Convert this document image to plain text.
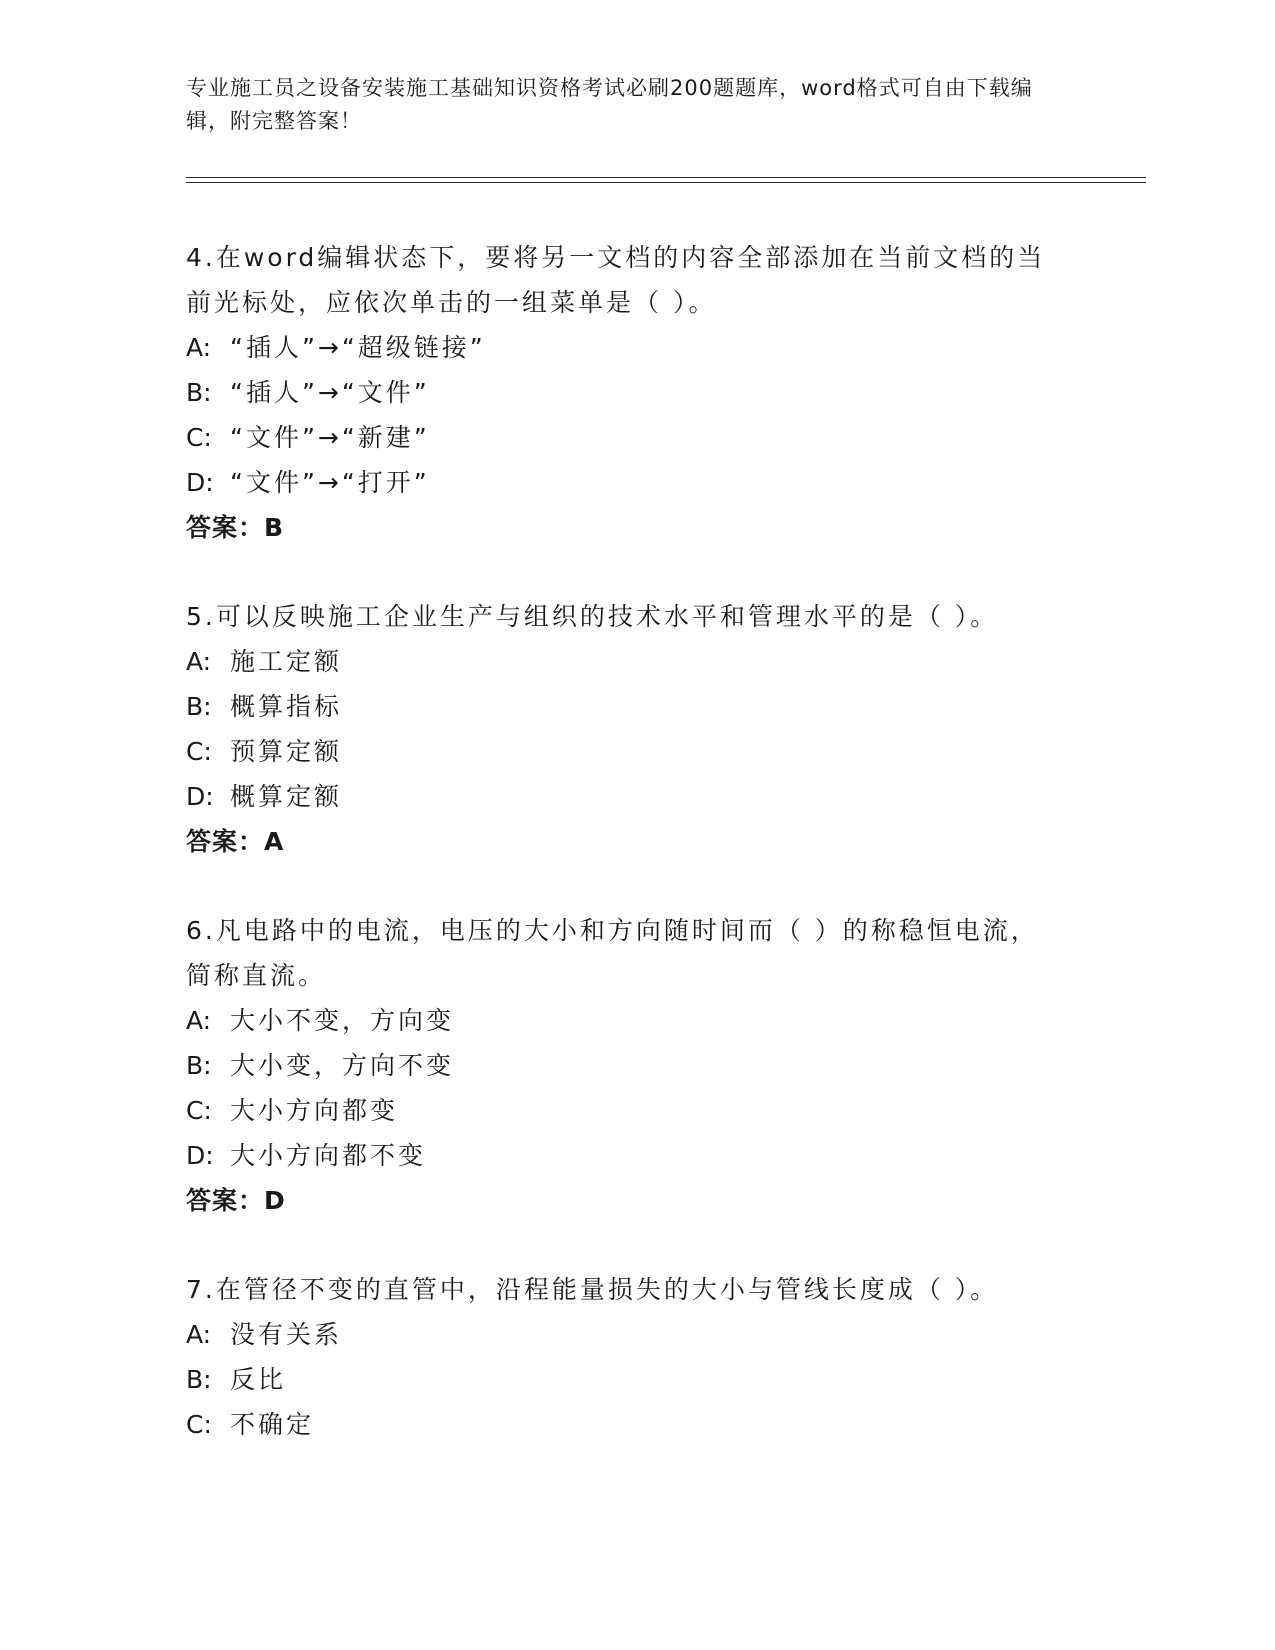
专业施工员之设备安装施工基础知识资格考试必刷200题题库，word格式可自由下载编辑，附完整答案！
4.在word编辑状态下，要将另一文档的内容全部添加在当前文档的当前光标处，应依次单击的一组菜单是（ ）。
A: “插人”→“超级链接”
B: “插人”→“文件”
C: “文件”→“新建”
D: “文件”→“打开”
答案：B
5.可以反映施工企业生产与组织的技术水平和管理水平的是（ ）。
A: 施工定额
B: 概算指标
C: 预算定额
D: 概算定额
答案：A
6.凡电路中的电流，电压的大小和方向随时间而（ ）的称稳恒电流，简称直流。
A: 大小不变，方向变
B: 大小变，方向不变
C: 大小方向都变
D: 大小方向都不变
答案：D
7.在管径不变的直管中，沿程能量损失的大小与管线长度成（ ）。
A: 没有关系
B: 反比
C: 不确定
